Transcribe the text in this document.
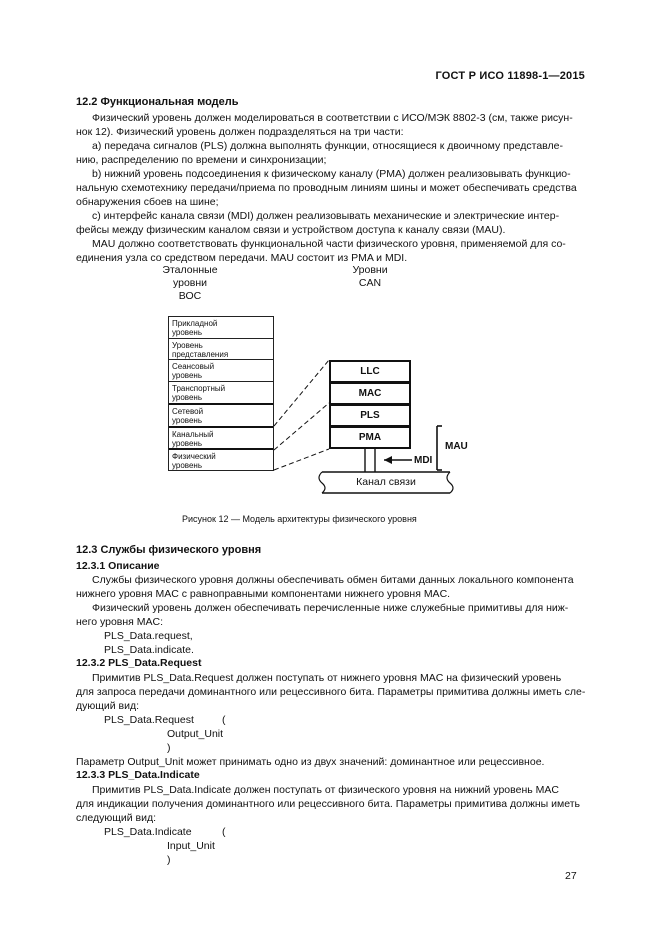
ГОСТ Р ИСО 11898-1—2015
12.2 Функциональная модель
Физический уровень должен моделироваться в соответствии с ИСО/МЭК 8802-3 (см, также рисун-
нок 12). Физический уровень должен подразделяться на три части:
a) передача сигналов (PLS) должна выполнять функции, относящиеся к двоичному представле-
нию, распределению по времени и синхронизации;
b) нижний уровень подсоединения к физическому каналу (PMA) должен реализовывать функцио-
нальную схемотехнику передачи/приема по проводным линиям шины и может обеспечивать средства
обнаружения сбоев на шине;
c) интерфейс канала связи (MDI) должен реализовывать механические и электрические интер-
фейсы между физическим каналом связи и устройством доступа к каналу связи (MAU).
MAU должно соответствовать функциональной части физического уровня, применяемой для со-
единения узла со средством передачи. MAU состоит из PMA и MDI.
Эталонные
уровни
ВОС
Уровни
CAN
Прикладной
уровень
Уровень
представления
Сеансовый
уровень
Транспортный
уровень
Сетевой
уровень
Канальный
уровень
Физический
уровень
LLC
MAC
PLS
PMA
MAU
MDI
Канал связи
Рисунок 12 — Модель архитектуры физического уровня
12.3 Службы физического уровня
12.3.1 Описание
Службы физического уровня должны обеспечивать обмен битами данных локального компонента
нижнего уровня MAC с равноправными компонентами нижнего уровня MAC.
Физический уровень должен обеспечивать перечисленные ниже служебные примитивы для ниж-
него уровня MAC:
PLS_Data.request,
PLS_Data.indicate.
12.3.2 PLS_Data.Request
Примитив PLS_Data.Request должен поступать от нижнего уровня MAC на физический уровень
для запроса передачи доминантного или рецессивного бита. Параметры примитива должны иметь сле-
дующий вид:
PLS_Data.Request	(
Output_Unit
)
Параметр Output_Unit может принимать одно из двух значений: доминантное или рецессивное.
12.3.3 PLS_Data.Indicate
Примитив PLS_Data.Indicate должен поступать от физического уровня на нижний уровень MAC
для индикации получения доминантного или рецессивного бита. Параметры примитива должны иметь
следующий вид:
PLS_Data.Indicate	(
Input_Unit
)
27
